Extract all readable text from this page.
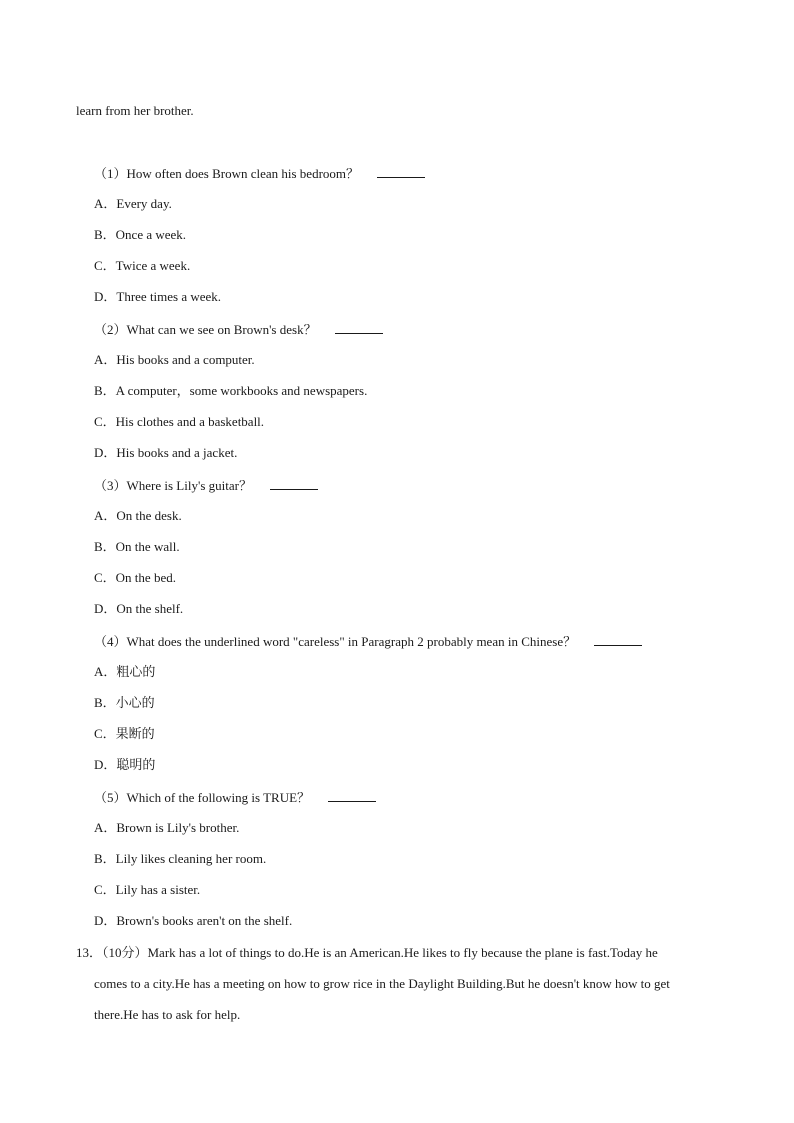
learn from her brother.
（1）How often does Brown clean his bedroom？
A．Every day.
B．Once a week.
C．Twice a week.
D．Three times a week.
（2）What can we see on Brown's desk？
A．His books and a computer.
B．A computer，some workbooks and newspapers.
C．His clothes and a basketball.
D．His books and a jacket.
（3）Where is Lily's guitar？
A．On the desk.
B．On the wall.
C．On the bed.
D．On the shelf.
（4）What does the underlined word "careless" in Paragraph 2 probably mean in Chinese？
A．粗心的
B．小心的
C．果断的
D．聪明的
（5）Which of the following is TRUE？
A．Brown is Lily's brother.
B．Lily likes cleaning her room.
C．Lily has a sister.
D．Brown's books aren't on the shelf.
13．（10分）Mark has a lot of things to do.He is an American.He likes to fly because the plane is fast.Today he
comes to a city.He has a meeting on how to grow rice in the Daylight Building.But he doesn't know how to get
there.He has to ask for help.
